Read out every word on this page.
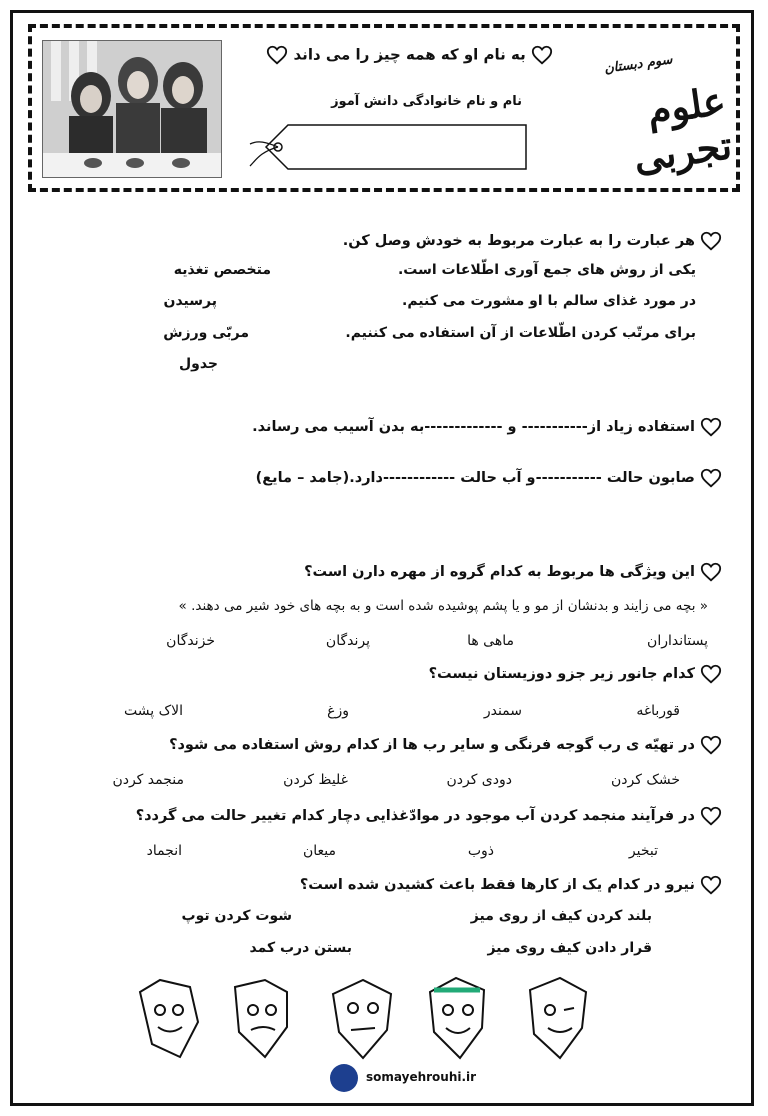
به نام او که همه چیز را می داند
نام و نام خانوادگی دانش آموز
سوم دبستان
علوم تجربی
هر عبارت را به عبارت مربوط به خودش وصل کن.
یکی از روش های جمع آوری اطّلاعات است.
در مورد غذای سالم با او مشورت می کنیم.
برای مرتّب کردن اطّلاعات از آن استفاده می کننیم.
متخصص تغذیه
پرسیدن
مربّی ورزش
جدول
استفاده زیاد از----------- و -------------به بدن آسیب می رساند.
صابون حالت -----------و آب حالت ------------دارد.(جامد – مایع)
این ویژگی ها مربوط به کدام گروه از مهره دارن است؟
« بچه می زایند و بدنشان از مو و یا پشم پوشیده شده است و به بچه های خود شیر می دهند. »
پستانداران
ماهی ها
پرندگان
خزندگان
کدام جانور زیر جزو دوزیستان نیست؟
قورباغه
سمندر
وزغ
الاک پشت
در تهیّه ی رب گوجه فرنگی و سایر رب ها از کدام روش استفاده می شود؟
خشک کردن
دودی کردن
غلیظ کردن
منجمد کردن
در فرآیند منجمد کردن آب موجود در موادّغذایی دچار کدام تغییر حالت می گردد؟
تبخیر
ذوب
میعان
انجماد
نیرو در کدام یک از کارها فقط باعث کشیدن شده است؟
بلند کردن کیف از روی میز
شوت کردن توپ
قرار دادن کیف روی میز
بستن درب کمد
somayehrouhi.ir
